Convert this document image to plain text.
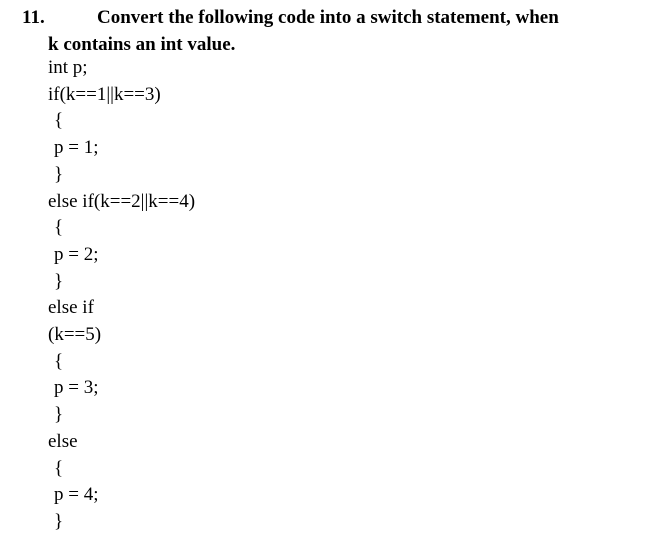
11.	Convert the following code into a switch statement, when
k contains an int value.
int p;
if(k==1||k==3)
{
p = 1;
}
else if(k==2||k==4)
{
p = 2;
}
else if
(k==5)
{
p = 3;
}
else
{
p = 4;
}
